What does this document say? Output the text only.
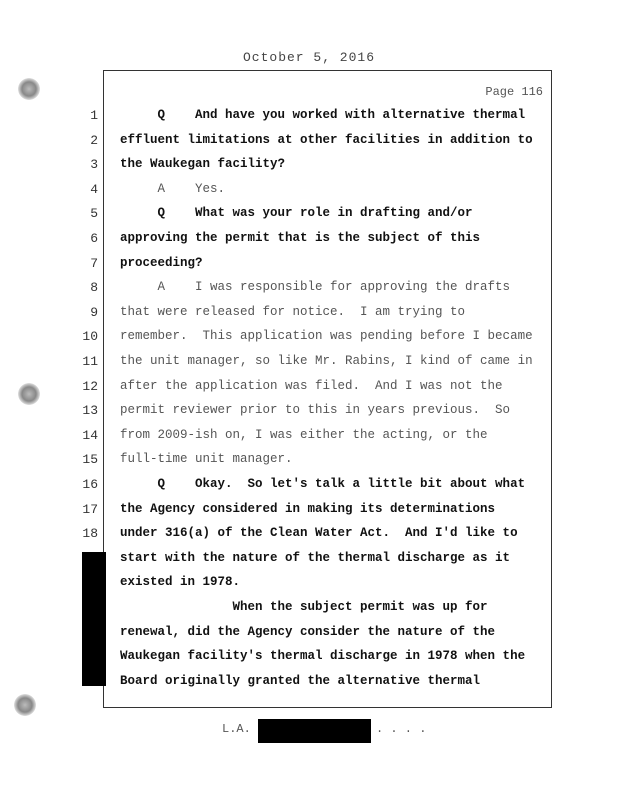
October 5, 2016
Page 116
1 Q    And have you worked with alternative thermal
2 effluent limitations at other facilities in addition to
3 the Waukegan facility?
4 A    Yes.
5 Q    What was your role in drafting and/or
6 approving the permit that is the subject of this
7 proceeding?
8 A    I was responsible for approving the drafts
9 that were released for notice.  I am trying to
10 remember.  This application was pending before I became
11 the unit manager, so like Mr. Rabins, I kind of came in
12 after the application was filed.  And I was not the
13 permit reviewer prior to this in years previous.  So
14 from 2009-ish on, I was either the acting, or the
15 full-time unit manager.
16 Q    Okay.  So let's talk a little bit about what
17 the Agency considered in making its determinations
18 under 316(a) of the Clean Water Act.  And I'd like to
start with the nature of the thermal discharge as it
existed in 1978.
When the subject permit was up for
renewal, did the Agency consider the nature of the
Waukegan facility's thermal discharge in 1978 when the
Board originally granted the alternative thermal
L.A.	. . . .
